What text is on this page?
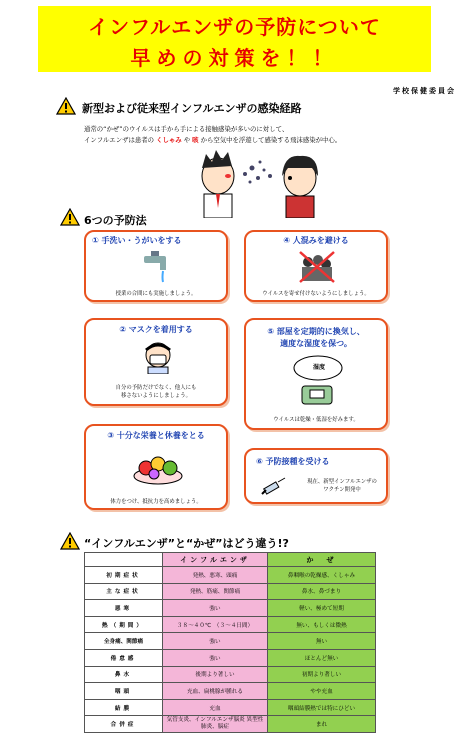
インフルエンザの予防について
早めの対策を！！
学校保健委員会
新型および従来型インフルエンザの感染経路
通常の“かぜ”のウイルスは手から手による接触感染が多いのに対して、
インフルエンザは患者の くしゃみ や 咳 から空気中を浮遊して感染する飛沫感染が中心。
6つの予防法
① 手洗い・うがいをする
授業の合間にも実施しましょう。
④ 人混みを避ける
ウイルスを寄せ付けないようにしましょう。
② マスクを着用する
自分の予防だけでなく、他人にも
移さないようにしましょう。
⑤ 部屋を定期的に換気し、
適度な湿度を保つ。
湿度
ウイルスは乾燥・低湿を好みます。
③ 十分な栄養と休養をとる
体力をつけ、抵抗力を高めましょう。
⑥ 予防接種を受ける
現在、新型インフルエンザの
ワクチン開発中
“インフルエンザ”と“かぜ”はどう違う!?
	インフルエンザ	か　ぜ
初期症状	発熱、悪寒、頭痛	鼻咽喉の乾燥感、くしゃみ
主な症状	発熱、筋痛、関節痛	鼻水、鼻づまり
悪寒	強い	軽い、極めて短期
熱（期間）	３８～４０℃　（３～４日間）	無い、もしくは微熱
全身痛、関節痛	強い	無い
倦怠感	強い	ほとんど無い
鼻水	後期より著しい	初期より著しい
咽頭	充血、扁桃腺が腫れる	やや充血
結膜	充血	咽頭結膜熱では特にひどい
合併症	気管支炎、インフルエンザ脳炎 異型性肺炎、脳症	まれ
